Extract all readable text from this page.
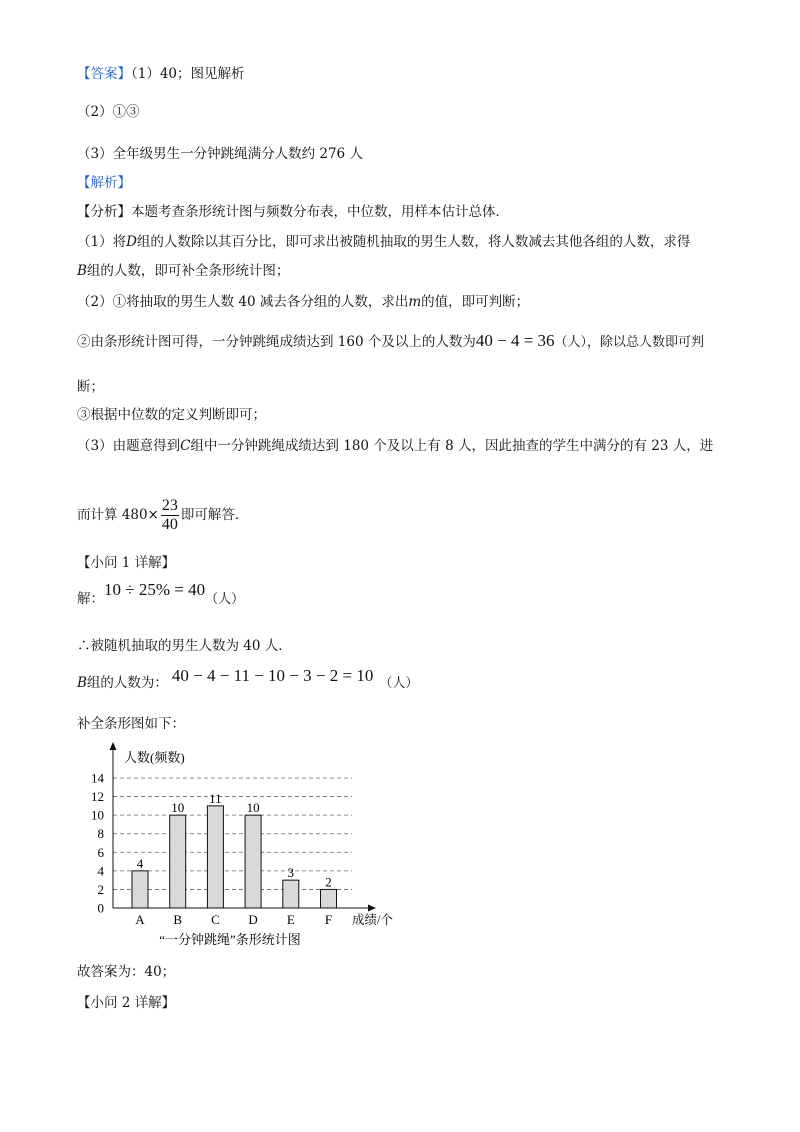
【答案】（1）40；图见解析
（2）①③
（3）全年级男生一分钟跳绳满分人数约 276 人
【解析】
【分析】本题考查条形统计图与频数分布表，中位数，用样本估计总体．
（1）将D组的人数除以其百分比，即可求出被随机抽取的男生人数，将人数减去其他各组的人数，求得
B组的人数，即可补全条形统计图；
（2）①将抽取的男生人数 40 减去各分组的人数，求出m的值，即可判断；
②由条形统计图可得，一分钟跳绳成绩达到 160 个及以上的人数为40 − 4 = 36（人），除以总人数即可判
断；
③根据中位数的定义判断即可；
（3）由题意得到C组中一分钟跳绳成绩达到 180 个及以上有 8 人，因此抽查的学生中满分的有 23 人，进
而计算 $480\times \frac{23}{40}$ 即可解答．
【小问 1 详解】
解：10 ÷ 25% = 40（人）
∴被随机抽取的男生人数为 40 人．
B组的人数为： 40 − 4 − 11 − 10 − 3 − 2 = 10 （人）
补全条形图如下：
0
2
4
6
8
10
12
14
A B C D E F
4
10
11
10
3
2
人数(频数)
成绩/个
“一分钟跳绳”条形统计图
故答案为：40；
【小问 2 详解】
